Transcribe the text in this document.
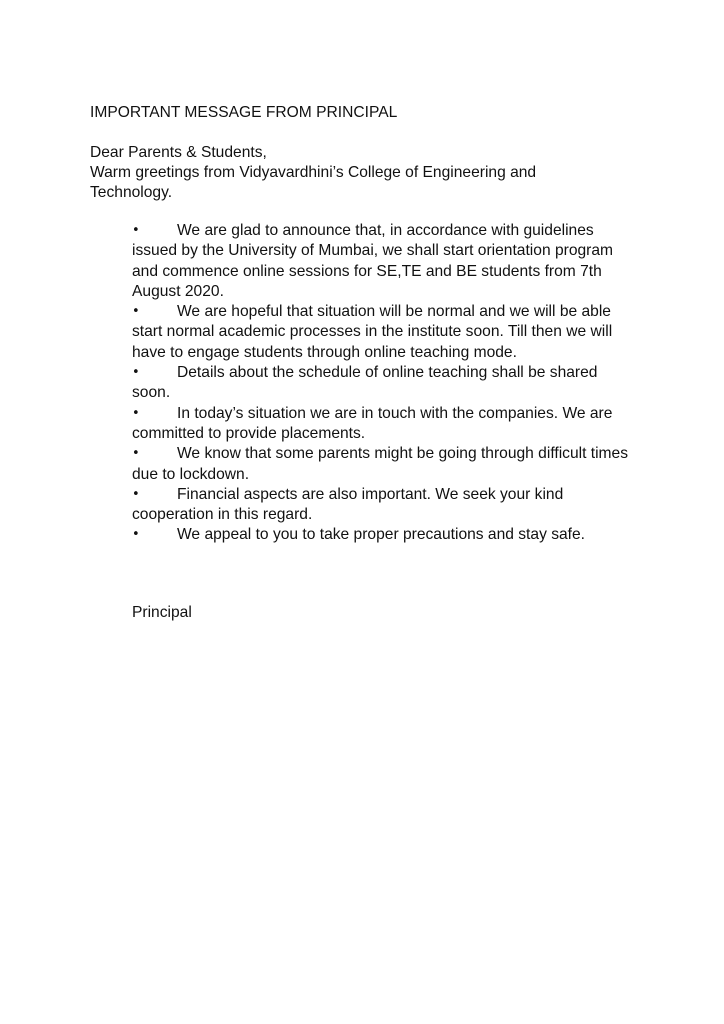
IMPORTANT MESSAGE FROM PRINCIPAL
Dear Parents & Students,
Warm greetings from Vidyavardhini’s College of Engineering and Technology.
• We are glad to announce that, in accordance with guidelines issued by the University of Mumbai, we shall start orientation program and commence online sessions for SE,TE and BE students from 7th August 2020.
• We are hopeful that situation will be normal and we will be able start normal academic processes in the institute soon. Till then we will have to engage students through online teaching mode.
• Details about the schedule of online teaching shall be shared soon.
• In today’s situation we are in touch with the companies. We are committed to provide placements.
• We know that some parents might be going through difficult times due to lockdown.
• Financial aspects are also important. We seek your kind cooperation in this regard.
• We appeal to you to take proper precautions and stay safe.
Principal
